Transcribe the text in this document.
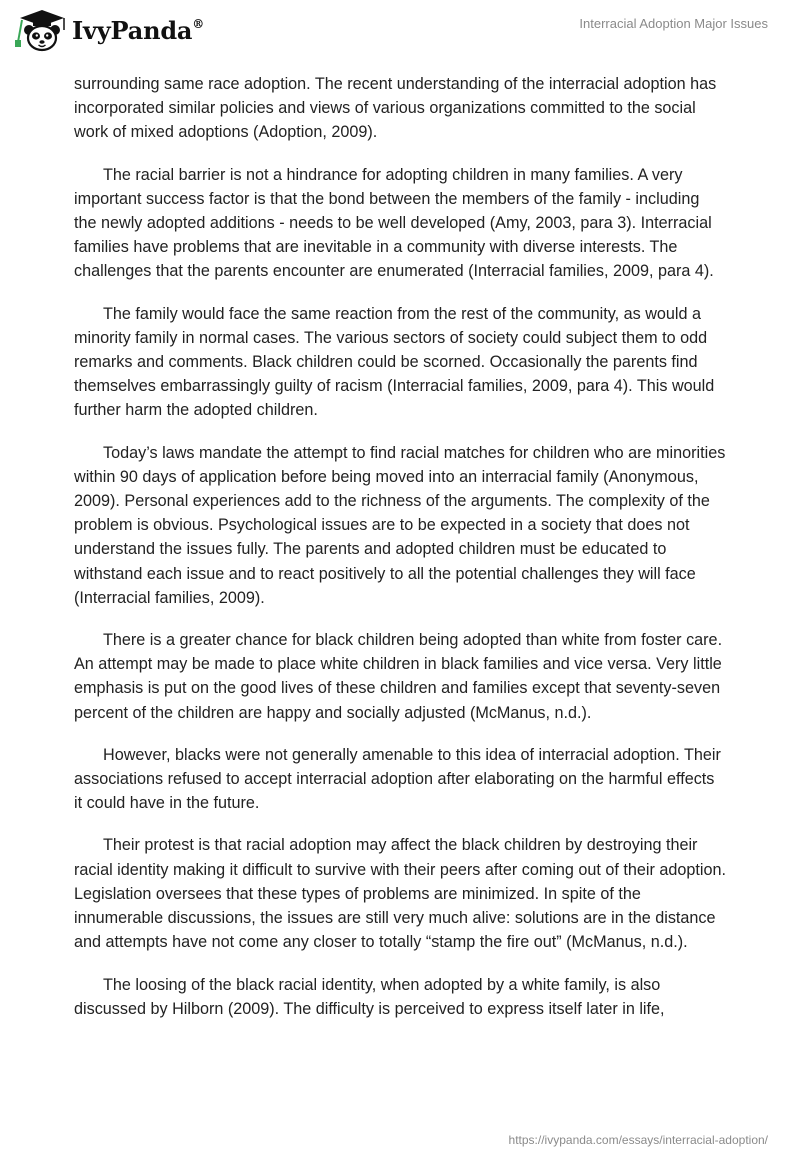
IvyPanda®	Interracial Adoption Major Issues

surrounding same race adoption. The recent understanding of the interracial adoption has incorporated similar policies and views of various organizations committed to the social work of mixed adoptions (Adoption, 2009).

The racial barrier is not a hindrance for adopting children in many families. A very important success factor is that the bond between the members of the family - including the newly adopted additions - needs to be well developed (Amy, 2003, para 3). Interracial families have problems that are inevitable in a community with diverse interests. The challenges that the parents encounter are enumerated (Interracial families, 2009, para 4).

The family would face the same reaction from the rest of the community, as would a minority family in normal cases. The various sectors of society could subject them to odd remarks and comments. Black children could be scorned. Occasionally the parents find themselves embarrassingly guilty of racism (Interracial families, 2009, para 4). This would further harm the adopted children.

Today’s laws mandate the attempt to find racial matches for children who are minorities within 90 days of application before being moved into an interracial family (Anonymous, 2009). Personal experiences add to the richness of the arguments. The complexity of the problem is obvious. Psychological issues are to be expected in a society that does not understand the issues fully. The parents and adopted children must be educated to withstand each issue and to react positively to all the potential challenges they will face (Interracial families, 2009).

There is a greater chance for black children being adopted than white from foster care. An attempt may be made to place white children in black families and vice versa. Very little emphasis is put on the good lives of these children and families except that seventy-seven percent of the children are happy and socially adjusted (McManus, n.d.).

However, blacks were not generally amenable to this idea of interracial adoption. Their associations refused to accept interracial adoption after elaborating on the harmful effects it could have in the future.

Their protest is that racial adoption may affect the black children by destroying their racial identity making it difficult to survive with their peers after coming out of their adoption. Legislation oversees that these types of problems are minimized. In spite of the innumerable discussions, the issues are still very much alive: solutions are in the distance and attempts have not come any closer to totally “stamp the fire out” (McManus, n.d.).

The loosing of the black racial identity, when adopted by a white family, is also discussed by Hilborn (2009). The difficulty is perceived to express itself later in life,

https://ivypanda.com/essays/interracial-adoption/
